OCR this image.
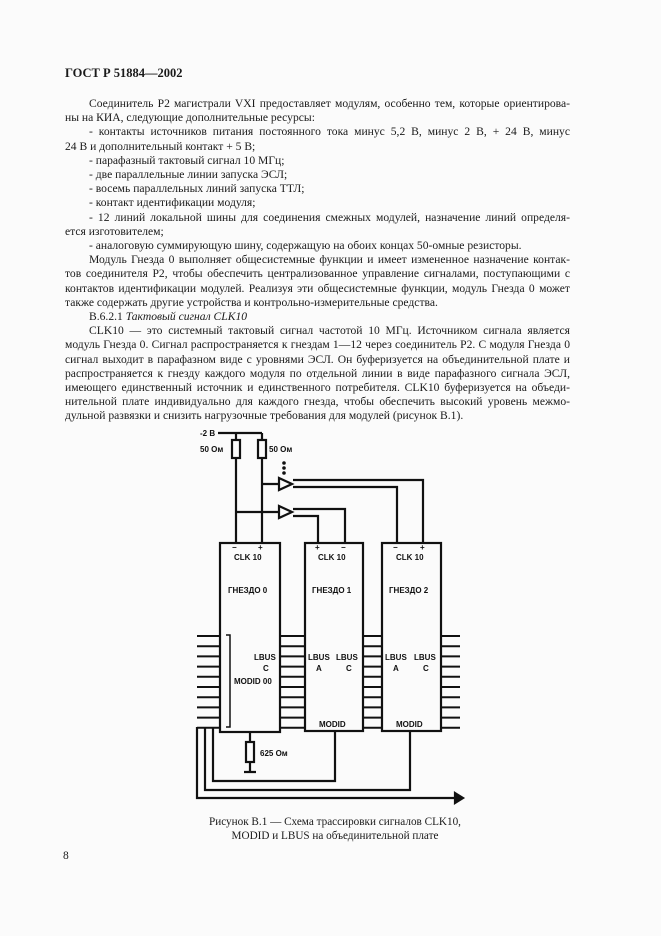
ГОСТ Р 51884—2002
Соединитель Р2 магистрали VXI предоставляет модулям, особенно тем, которые ориентирова-
ны на КИА, следующие дополнительные ресурсы:
- контакты источников питания постоянного тока минус 5,2 В, минус 2 В, + 24 В, минус
24 В и дополнительный контакт + 5 В;
- парафазный тактовый сигнал 10 МГц;
- две параллельные линии запуска ЭСЛ;
- восемь параллельных линий запуска ТТЛ;
- контакт идентификации модуля;
- 12 линий локальной шины для соединения смежных модулей, назначение линий определя-
ется изготовителем;
- аналоговую суммирующую шину, содержащую на обоих концах 50-омные резисторы.
Модуль Гнезда 0 выполняет общесистемные функции и имеет измененное назначение контак-
тов соединителя Р2, чтобы обеспечить централизованное управление сигналами, поступающими с
контактов идентификации модулей. Реализуя эти общесистемные функции, модуль Гнезда 0 может
также содержать другие устройства и контрольно-измерительные средства.
В.6.2.1 Тактовый сигнал CLK10
CLK10 — это системный тактовый сигнал частотой 10 МГц. Источником сигнала является
модуль Гнезда 0. Сигнал распространяется к гнездам 1—12 через соединитель Р2. С модуля Гнезда 0
сигнал выходит в парафазном виде с уровнями ЭСЛ. Он буферизуется на объединительной плате и
распространяется к гнезду каждого модуля по отдельной линии в виде парафазного сигнала ЭСЛ,
имеющего единственный источник и единственного потребителя. CLK10 буферизуется на объеди-
нительной плате индивидуально для каждого гнезда, чтобы обеспечить высокий уровень межмо-
дульной развязки и снизить нагрузочные требования для модулей (рисунок В.1).
-2 В
50 Ом	50 Ом
−	+	+	−	−	+
CLK 10	CLK 10	CLK 10
ГНЕЗДО 0	ГНЕЗДО 1	ГНЕЗДО 2
LBUS
C
MODID 00
LBUS LBUS
A	C
LBUS LBUS
A	C
MODID	MODID
625 Ом
Рисунок В.1 — Схема трассировки сигналов CLK10,
MODID и LBUS на объединительной плате
8
